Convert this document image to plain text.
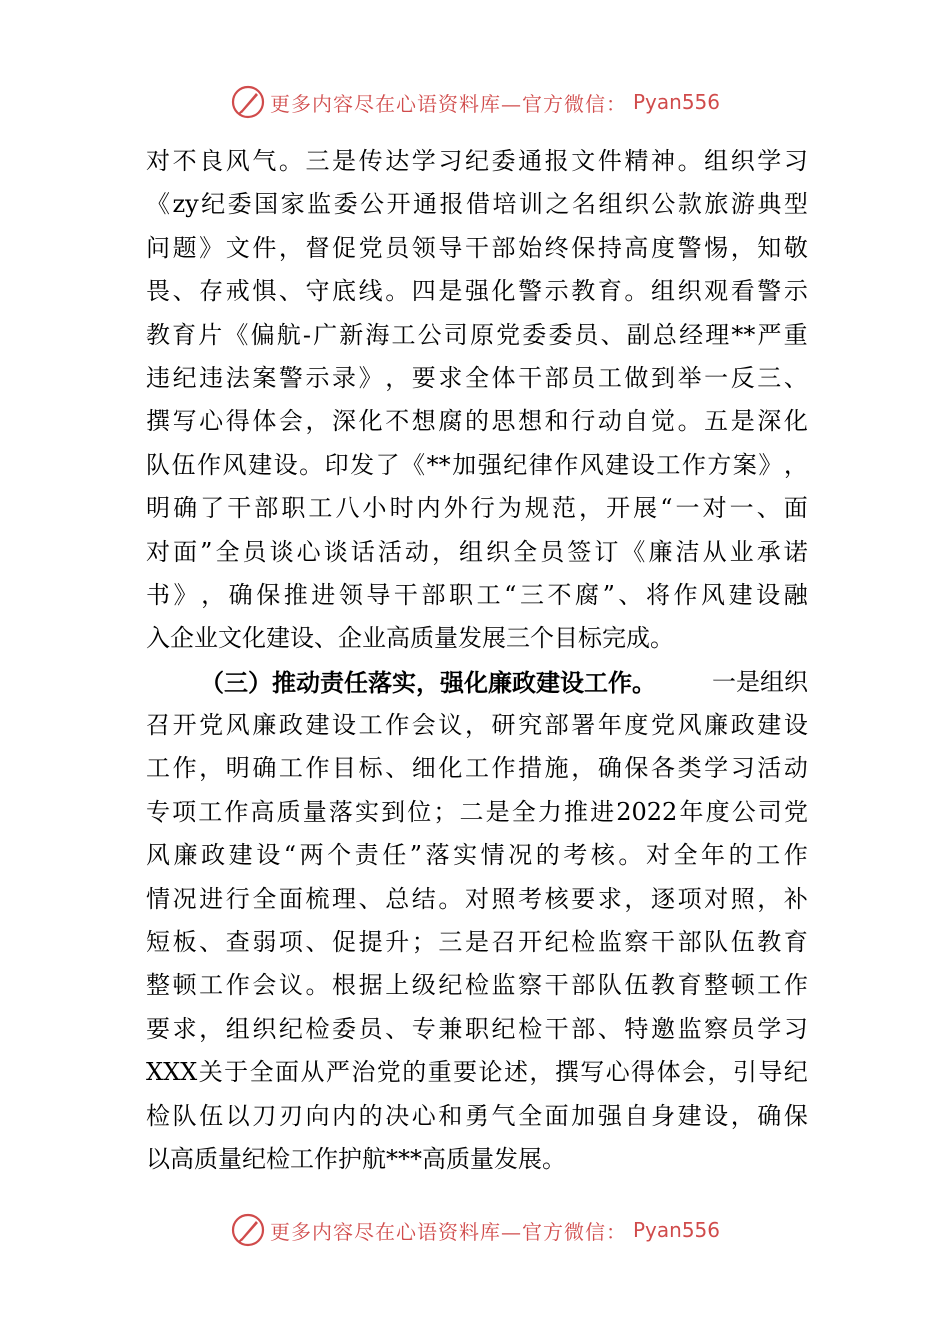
更多内容尽在心语资料库—官方微信： Pyan556
对 不 良 风 气 。 三 是 传 达 学 习 纪 委 通 报 文 件 精 神 。 组 织 学 习
《 zy 纪 委 国 家 监 委 公 开 通 报 借 培 训 之 名 组 织 公 款 旅 游 典 型
问 题 》 文 件 ， 督 促 党 员 领 导 干 部 始 终 保 持 高 度 警 惕 ， 知 敬
畏 、 存 戒 惧 、 守 底 线 。 四 是 强 化 警 示 教 育 。 组 织 观 看 警 示
教 育 片 《 偏 航 - 广 新 海 工 公 司 原 党 委 委 员 、 副 总 经 理 ** 严 重
违 纪 违 法 案 警 示 录 》 ， 要 求 全 体 干 部 员 工 做 到 举 一 反 三 、
撰 写 心 得 体 会 ， 深 化 不 想 腐 的 思 想 和 行 动 自 觉 。 五 是 深 化
队 伍 作 风 建 设 。 印 发 了 《 ** 加 强 纪 律 作 风 建 设 工 作 方 案 》 ，
明 确 了 干 部 职 工 八 小 时 内 外 行 为 规 范 ， 开 展 “ 一 对 一 、 面
对 面 ” 全 员 谈 心 谈 话 活 动 ， 组 织 全 员 签 订 《 廉 洁 从 业 承 诺
书 》 ， 确 保 推 进 领 导 干 部 职 工 “ 三 不 腐 ” 、 将 作 风 建 设 融
入企业文化建设、企业高质量发展三个目标完成。
（三）推动责任落实，强化廉政建设工作。 一是组织
召 开 党 风 廉 政 建 设 工 作 会 议 ， 研 究 部 署 年 度 党 风 廉 政 建 设
工 作 ， 明 确 工 作 目 标 、 细 化 工 作 措 施 ， 确 保 各 类 学 习 活 动
专 项 工 作 高 质 量 落 实 到 位 ； 二 是 全 力 推 进 2022 年 度 公 司 党
风 廉 政 建 设 “ 两 个 责 任 ” 落 实 情 况 的 考 核 。 对 全 年 的 工 作
情 况 进 行 全 面 梳 理 、 总 结 。 对 照 考 核 要 求 ， 逐 项 对 照 ， 补
短 板 、 查 弱 项 、 促 提 升 ； 三 是 召 开 纪 检 监 察 干 部 队 伍 教 育
整 顿 工 作 会 议 。 根 据 上 级 纪 检 监 察 干 部 队 伍 教 育 整 顿 工 作
要 求 ， 组 织 纪 检 委 员 、 专 兼 职 纪 检 干 部 、 特 邀 监 察 员 学 习
XXX 关 于 全 面 从 严 治 党 的 重 要 论 述 ， 撰 写 心 得 体 会 ， 引 导 纪
检 队 伍 以 刀 刃 向 内 的 决 心 和 勇 气 全 面 加 强 自 身 建 设 ， 确 保
以高质量纪检工作护航***高质量发展。
更多内容尽在心语资料库—官方微信： Pyan556
